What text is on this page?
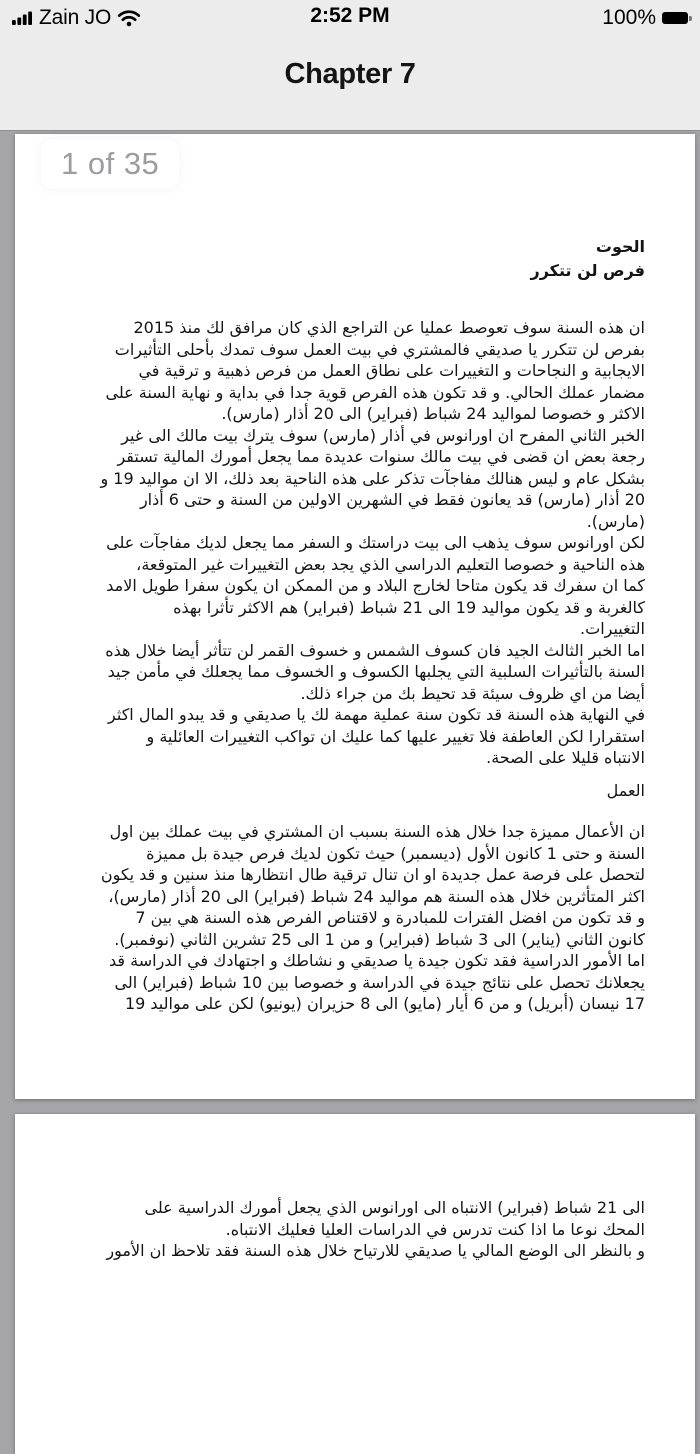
Zain JO	2:52 PM	100%
Chapter 7
1 of 35
الحوت
فرص لن تتكرر
ان هذه السنة سوف تعوصط عمليا عن التراجع الذي كان مرافق لك منذ 2015
بفرص لن تتكرر يا صديقي فالمشتري في بيت العمل سوف تمدك بأحلى التأثيرات
الايجابية و النجاحات و التغييرات على نطاق العمل من فرص ذهبية و ترقية في
مضمار عملك الحالي. و قد تكون هذه الفرص قوية جدا في بداية و نهاية السنة على
الاكثر و خصوصا لمواليد 24 شباط (فبراير) الى 20 أذار (مارس).
الخبر الثاني المفرح ان اورانوس في أذار (مارس) سوف يترك بيت مالك الى غير
رجعة بعض ان قضى في بيت مالك سنوات عديدة مما يجعل أمورك المالية تستقر
بشكل عام و ليس هنالك مفاجآت تذكر على هذه الناحية بعد ذلك، الا ان مواليد 19 و
20 أذار (مارس) قد يعانون فقط في الشهرين الاولين من السنة و حتى 6 أذار
(مارس).
لكن اورانوس سوف يذهب الى بيت دراستك و السفر مما يجعل لديك مفاجآت على
هذه الناحية و خصوصا التعليم الدراسي الذي يجد بعض التغييرات غير المتوقعة،
كما ان سفرك قد يكون متاحا لخارج البلاد و من الممكن ان يكون سفرا طويل الامد
كالغربة و قد يكون مواليد 19 الى 21 شباط (فبراير) هم الاكثر تأثرا بهذه
التغييرات.
اما الخبر الثالث الجيد فان كسوف الشمس و خسوف القمر لن تتأثر أيضا خلال هذه
السنة بالتأثيرات السلبية التي يجلبها الكسوف و الخسوف مما يجعلك في مأمن جيد
أيضا من اي ظروف سيئة قد تحيط بك من جراء ذلك.
في النهاية هذه السنة قد تكون سنة عملية مهمة لك يا صديقي و قد يبدو المال اكثر
استقرارا لكن العاطفة فلا تغيير عليها كما عليك ان تواكب التغييرات العائلية و
الانتباه قليلا على الصحة.
العمل
ان الأعمال مميزة جدا خلال هذه السنة بسبب ان المشتري في بيت عملك بين اول
السنة و حتى 1 كانون الأول (ديسمبر) حيث تكون لديك فرص جيدة بل مميزة
لتحصل على فرصة عمل جديدة او ان تنال ترقية طال انتظارها منذ سنين و قد يكون
اكثر المتأثرين خلال هذه السنة هم مواليد 24 شباط (فبراير) الى 20 أذار (مارس)،
و قد تكون من افضل الفترات للمبادرة و لاقتناص الفرص هذه السنة هي بين 7
كانون الثاني (يناير) الى 3 شباط (فبراير) و من 1 الى 25 تشرين الثاني (نوفمبر).
اما الأمور الدراسية فقد تكون جيدة يا صديقي و نشاطك و اجتهادك في الدراسة قد
يجعلانك تحصل على نتائج جيدة في الدراسة و خصوصا بين 10 شباط (فبراير) الى
17 نيسان (أبريل) و من 6 أيار (مايو) الى 8 حزيران (يونيو) لكن على مواليد 19
الى 21 شباط (فبراير) الانتباه الى اورانوس الذي يجعل أمورك الدراسية على
المحك نوعا ما اذا كنت تدرس في الدراسات العليا فعليك الانتباه.
و بالنظر الى الوضع المالي يا صديقي للارتياح خلال هذه السنة فقد تلاحظ ان الأمور
